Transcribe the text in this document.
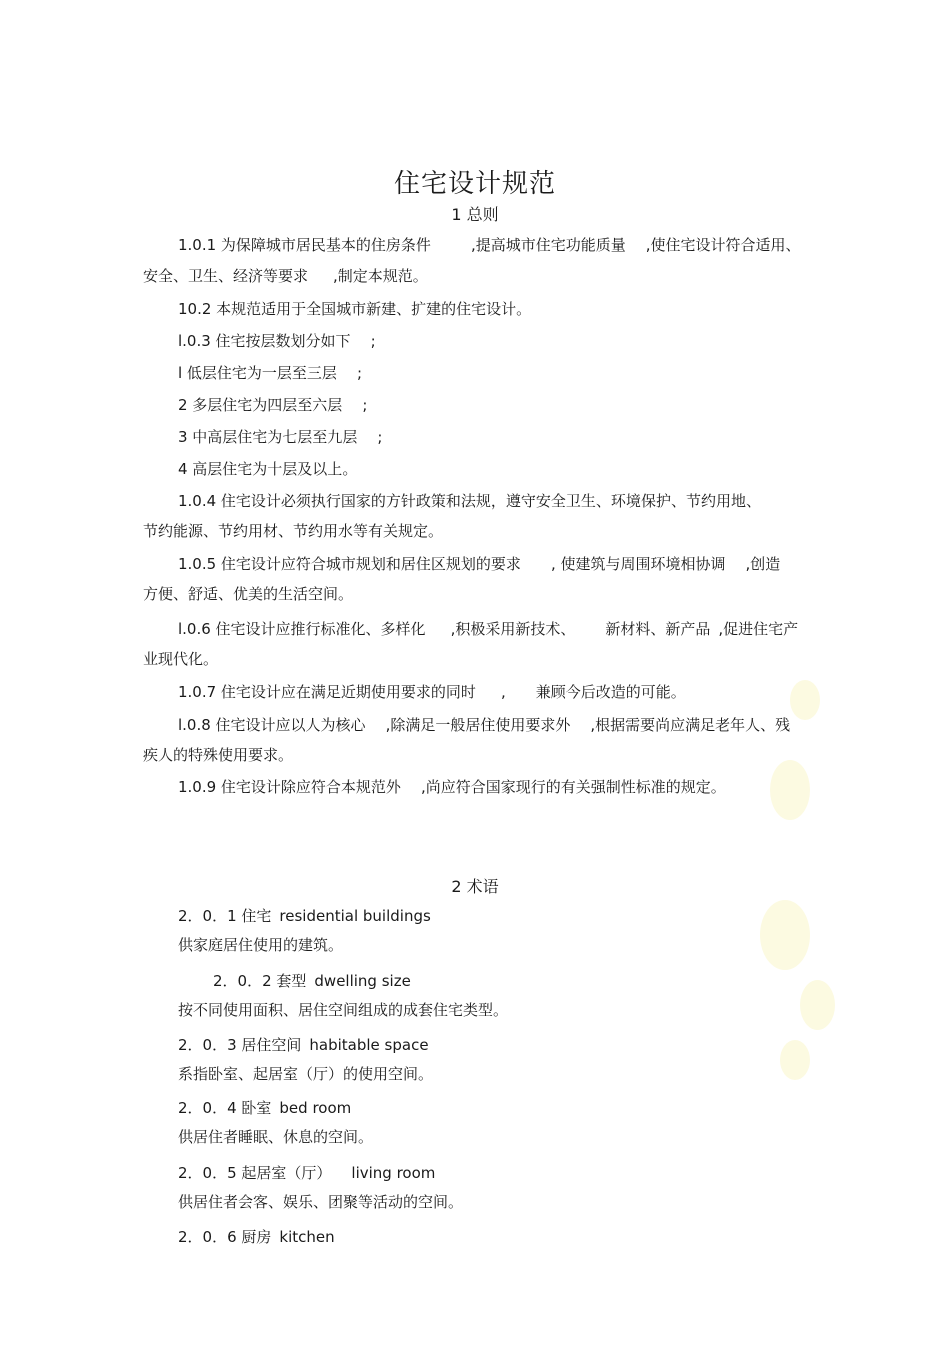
住宅设计规范
1 总则
1.0.1 为保障城市居民基本的住房条件	,提高城市住宅功能质量 ,使住宅设计符合适用、
安全、卫生、经济等要求 ,制定本规范。
10.2 本规范适用于全国城市新建、扩建的住宅设计。
l.0.3 住宅按层数划分如下 ;
l 低层住宅为一层至三层 ;
2 多层住宅为四层至六层 ;
3 中高层住宅为七层至九层 ;
4 高层住宅为十层及以上。
1.0.4 住宅设计必须执行国家的方针政策和法规，遵守安全卫生、环境保护、节约用地、
节约能源、节约用材、节约用水等有关规定。
1.0.5 住宅设计应符合城市规划和居住区规划的要求 , 使建筑与周围环境相协调 ,创造
方便、舒适、优美的生活空间。
l.0.6 住宅设计应推行标准化、多样化 ,积极采用新技术、 新材料、新产品 ,促进住宅产
业现代化。
1.0.7 住宅设计应在满足近期使用要求的同时 , 兼顾今后改造的可能。
l.0.8 住宅设计应以人为核心 ,除满足一般居住使用要求外 ,根据需要尚应满足老年人、残
疾人的特殊使用要求。
1.0.9 住宅设计除应符合本规范外 ,尚应符合国家现行的有关强制性标准的规定。
2 术语
2．0．1 住宅 residential buildings
供家庭居住使用的建筑。
2．0．2 套型 dwelling size
按不同使用面积、居住空间组成的成套住宅类型。
2．0．3 居住空间 habitable space
系指卧室、起居室（厅）的使用空间。
2．0．4 卧室 bed room
供居住者睡眠、休息的空间。
2．0．5 起居室（厅） living room
供居住者会客、娱乐、团聚等活动的空间。
2．0．6 厨房 kitchen
